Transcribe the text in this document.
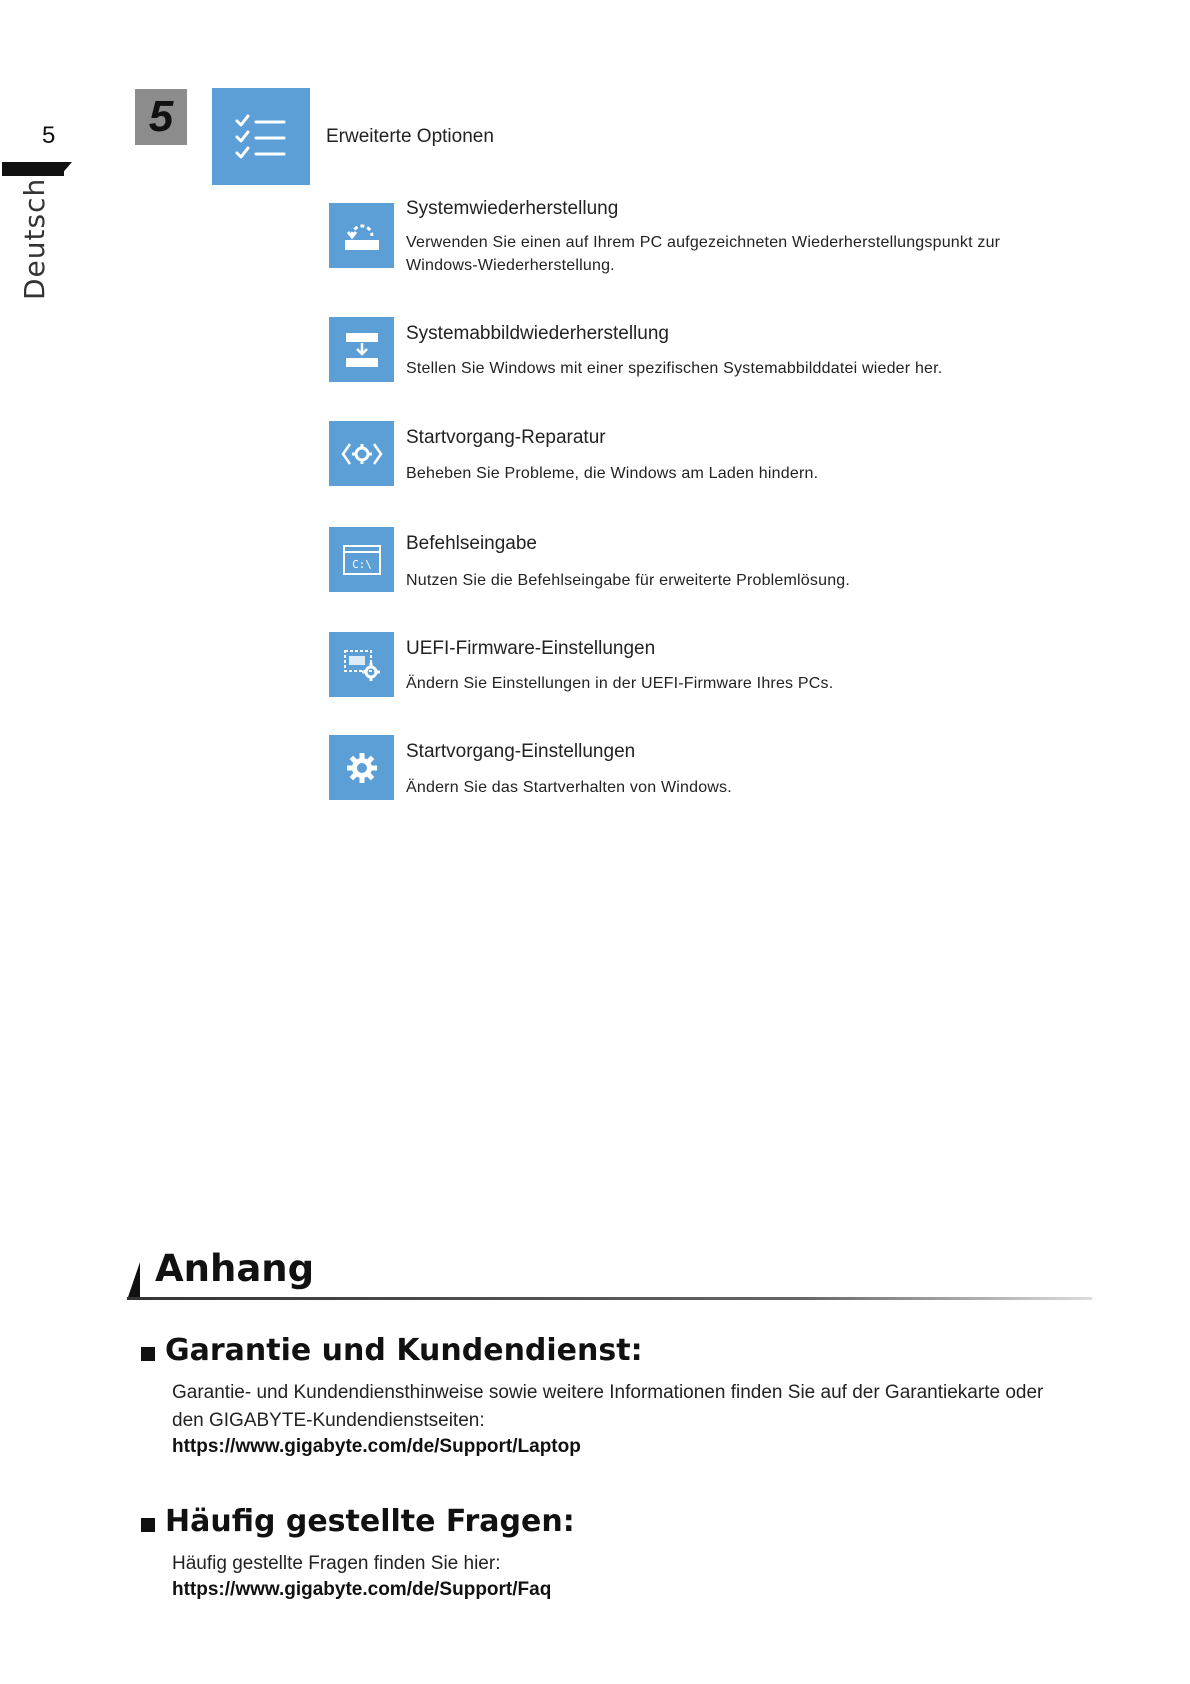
5
Deutsch
5	Erweiterte Optionen
Systemwiederherstellung
Verwenden Sie einen auf Ihrem PC aufgezeichneten Wiederherstellungspunkt zur Windows-Wiederherstellung.
Systemabbildwiederherstellung
Stellen Sie Windows mit einer spezifischen Systemabbilddatei wieder her.
Startvorgang-Reparatur
Beheben Sie Probleme, die Windows am Laden hindern.
C:\
Befehlseingabe
Nutzen Sie die Befehlseingabe für erweiterte Problemlösung.
UEFI-Firmware-Einstellungen
Ändern Sie Einstellungen in der UEFI-Firmware Ihres PCs.
Startvorgang-Einstellungen
Ändern Sie das Startverhalten von Windows.
Anhang
Garantie und Kundendienst:
Garantie- und Kundendiensthinweise sowie weitere Informationen finden Sie auf der Garantiekarte oder den GIGABYTE-Kundendienstseiten:
https://www.gigabyte.com/de/Support/Laptop
Häufig gestellte Fragen:
Häufig gestellte Fragen finden Sie hier:
https://www.gigabyte.com/de/Support/Faq
